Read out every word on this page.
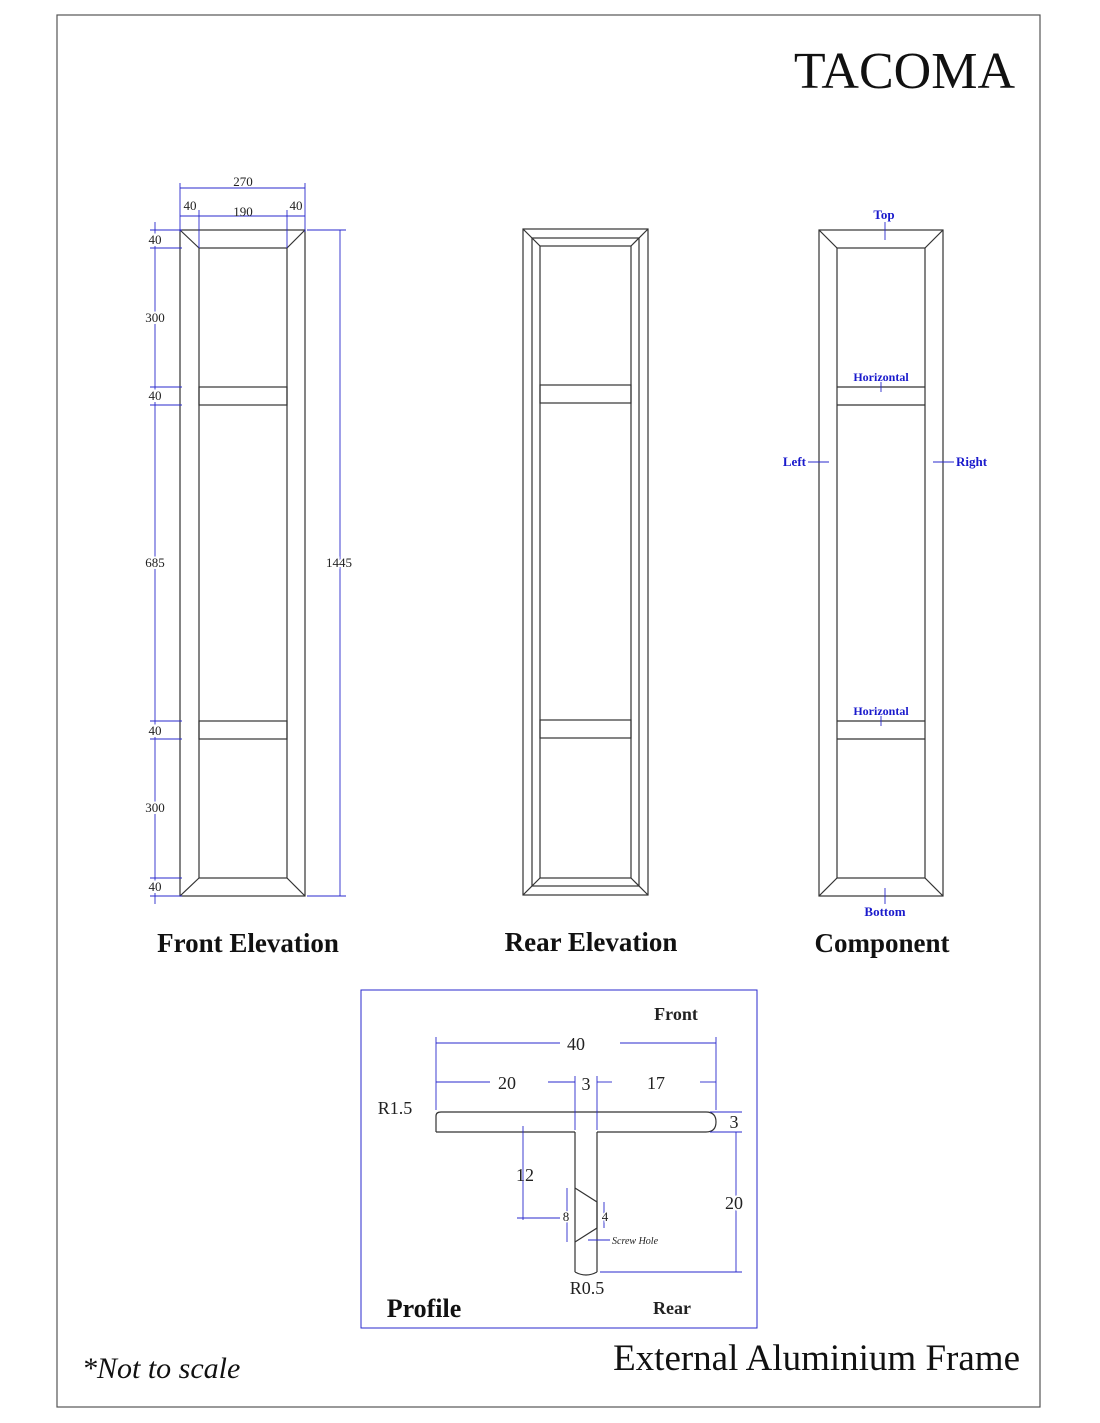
TACOMA
270
40	190	40
1445
40
300
40
685
40
300
40
Front Elevation	Rear Elevation
Top
Bottom
Left	Right
Horizontal
Horizontal
Component
Front
Rear
40
20	3	17
3
12
20
8	4
R1.5
R0.5
Screw Hole
Profile
*Not to scale	External Aluminium Frame
